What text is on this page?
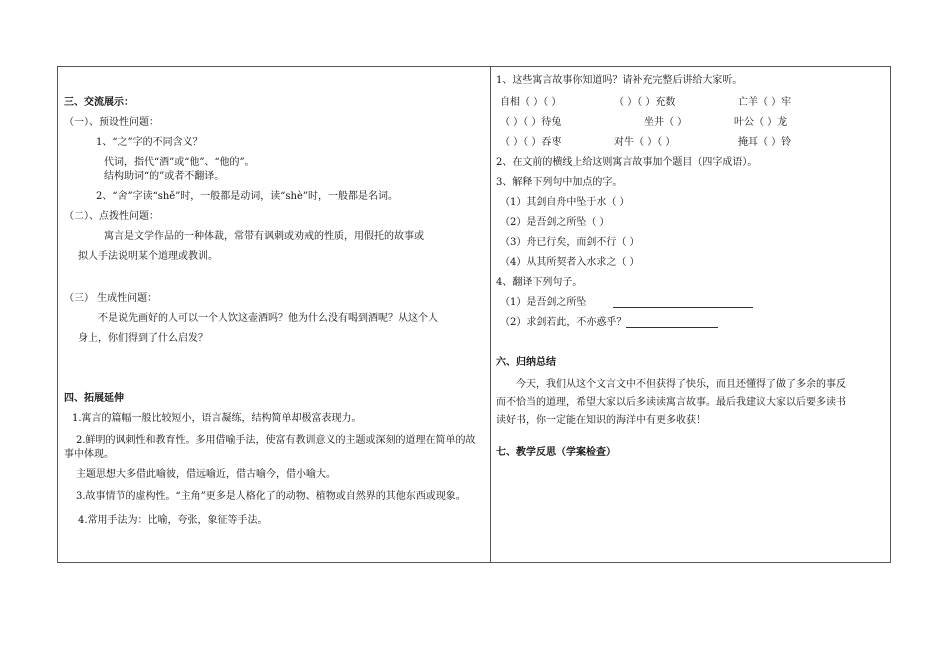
三、交流展示：
（一）、预设性问题：
1、“之”字的不同含义？
代词，指代“酒”或“他”、“他的”。
结构助词“的”或者不翻译。
2、“舍”字读“shě”时，一般都是动词，读“shè”时，一般都是名词。
（二）、点拨性问题：
寓言是文学作品的一种体裁，常带有讽刺或劝戒的性质，用假托的故事或
拟人手法说明某个道理或教训。
（三） 生成性问题：
不是说先画好的人可以一个人饮这壶酒吗？他为什么没有喝到酒呢？从这个人
身上，你们得到了什么启发？
四、拓展延伸
1.寓言的篇幅一般比较短小，语言凝练，结构简单却极富表现力。
2.鲜明的讽刺性和教育性。多用借喻手法，使富有教训意义的主题或深刻的道理在简单的故
事中体现。
主题思想大多借此喻彼，借远喻近，借古喻今，借小喻大。
3.故事情节的虚构性。“主角”更多是人格化了的动物、植物或自然界的其他东西或现象。
4.常用手法为：比喻，夸张，象征等手法。
1、这些寓言故事你知道吗？请补充完整后讲给大家听。
自相（ ）（ ）	（ ）（ ）充数	亡羊（ ）牢
（ ）（ ）待兔	坐井（ ）	叶公（ ）龙
（ ）（ ）吞枣	对牛（ ）（ ）	掩耳（ ）铃
2、在文前的横线上给这则寓言故事加个题目（四字成语）。
3、解释下列句中加点的字。
（1）其剑自舟中坠于水（ ）
（2）是吾剑之所坠（ ）
（3）舟已行矣，而剑不行（ ）
（4）从其所契者入水求之（ ）
4、翻译下列句子。
（1）是吾剑之所坠
（2）求剑若此，不亦惑乎？
六、归纳总结
今天，我们从这个文言文中不但获得了快乐，而且还懂得了做了多余的事反
而不恰当的道理，希望大家以后多读读寓言故事。最后我建议大家以后要多读书
读好书，你一定能在知识的海洋中有更多收获！
七、教学反思（学案检查）
